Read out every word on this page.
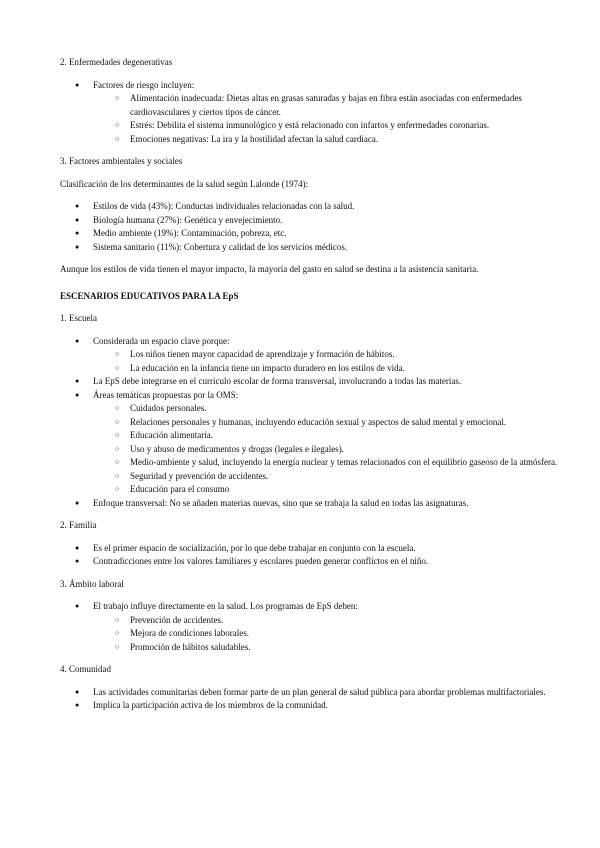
2. Enfermedades degenerativas

● Factores de riesgo incluyen:
○ Alimentación inadecuada: Dietas altas en grasas saturadas y bajas en fibra están asociadas con enfermedades cardiovasculares y ciertos tipos de cáncer.
○ Estrés: Debilita el sistema inmunológico y está relacionado con infartos y enfermedades coronarias.
○ Emociones negativas: La ira y la hostilidad afectan la salud cardiaca.

3. Factores ambientales y sociales

Clasificación de los determinantes de la salud según Lalonde (1974):

● Estilos de vida (43%): Conductas individuales relacionadas con la salud.
● Biología humana (27%): Genética y envejecimiento.
● Medio ambiente (19%): Contaminación, pobreza, etc.
● Sistema sanitario (11%): Cobertura y calidad de los servicios médicos.

Aunque los estilos de vida tienen el mayor impacto, la mayoría del gasto en salud se destina a la asistencia sanitaria.

ESCENARIOS EDUCATIVOS PARA LA EpS

1. Escuela

● Considerada un espacio clave porque:
○ Los niños tienen mayor capacidad de aprendizaje y formación de hábitos.
○ La educación en la infancia tiene un impacto duradero en los estilos de vida.
● La EpS debe integrarse en el currículo escolar de forma transversal, involucrando a todas las materias.
● Áreas temáticas propuestas por la OMS:
○ Cuidados personales.
○ Relaciones personales y humanas, incluyendo educación sexual y aspectos de salud mental y emocional.
○ Educación alimentaria.
○ Uso y abuso de medicamentos y drogas (legales e ilegales).
○ Medio-ambiente y salud, incluyendo la energía nuclear y temas relacionados con el equilibrio gaseoso de la atmósfera.
○ Seguridad y prevención de accidentes.
○ Educación para el consumo
● Enfoque transversal: No se añaden materias nuevas, sino que se trabaja la salud en todas las asignaturas.

2. Familia

● Es el primer espacio de socialización, por lo que debe trabajar en conjunto con la escuela.
● Contradicciones entre los valores familiares y escolares pueden generar conflictos en el niño.

3. Ámbito laboral

● El trabajo influye directamente en la salud. Los programas de EpS deben:
○ Prevención de accidentes.
○ Mejora de condiciones laborales.
○ Promoción de hábitos saludables.

4. Comunidad

● Las actividades comunitarias deben formar parte de un plan general de salud pública para abordar problemas multifactoriales.
● Implica la participación activa de los miembros de la comunidad.
